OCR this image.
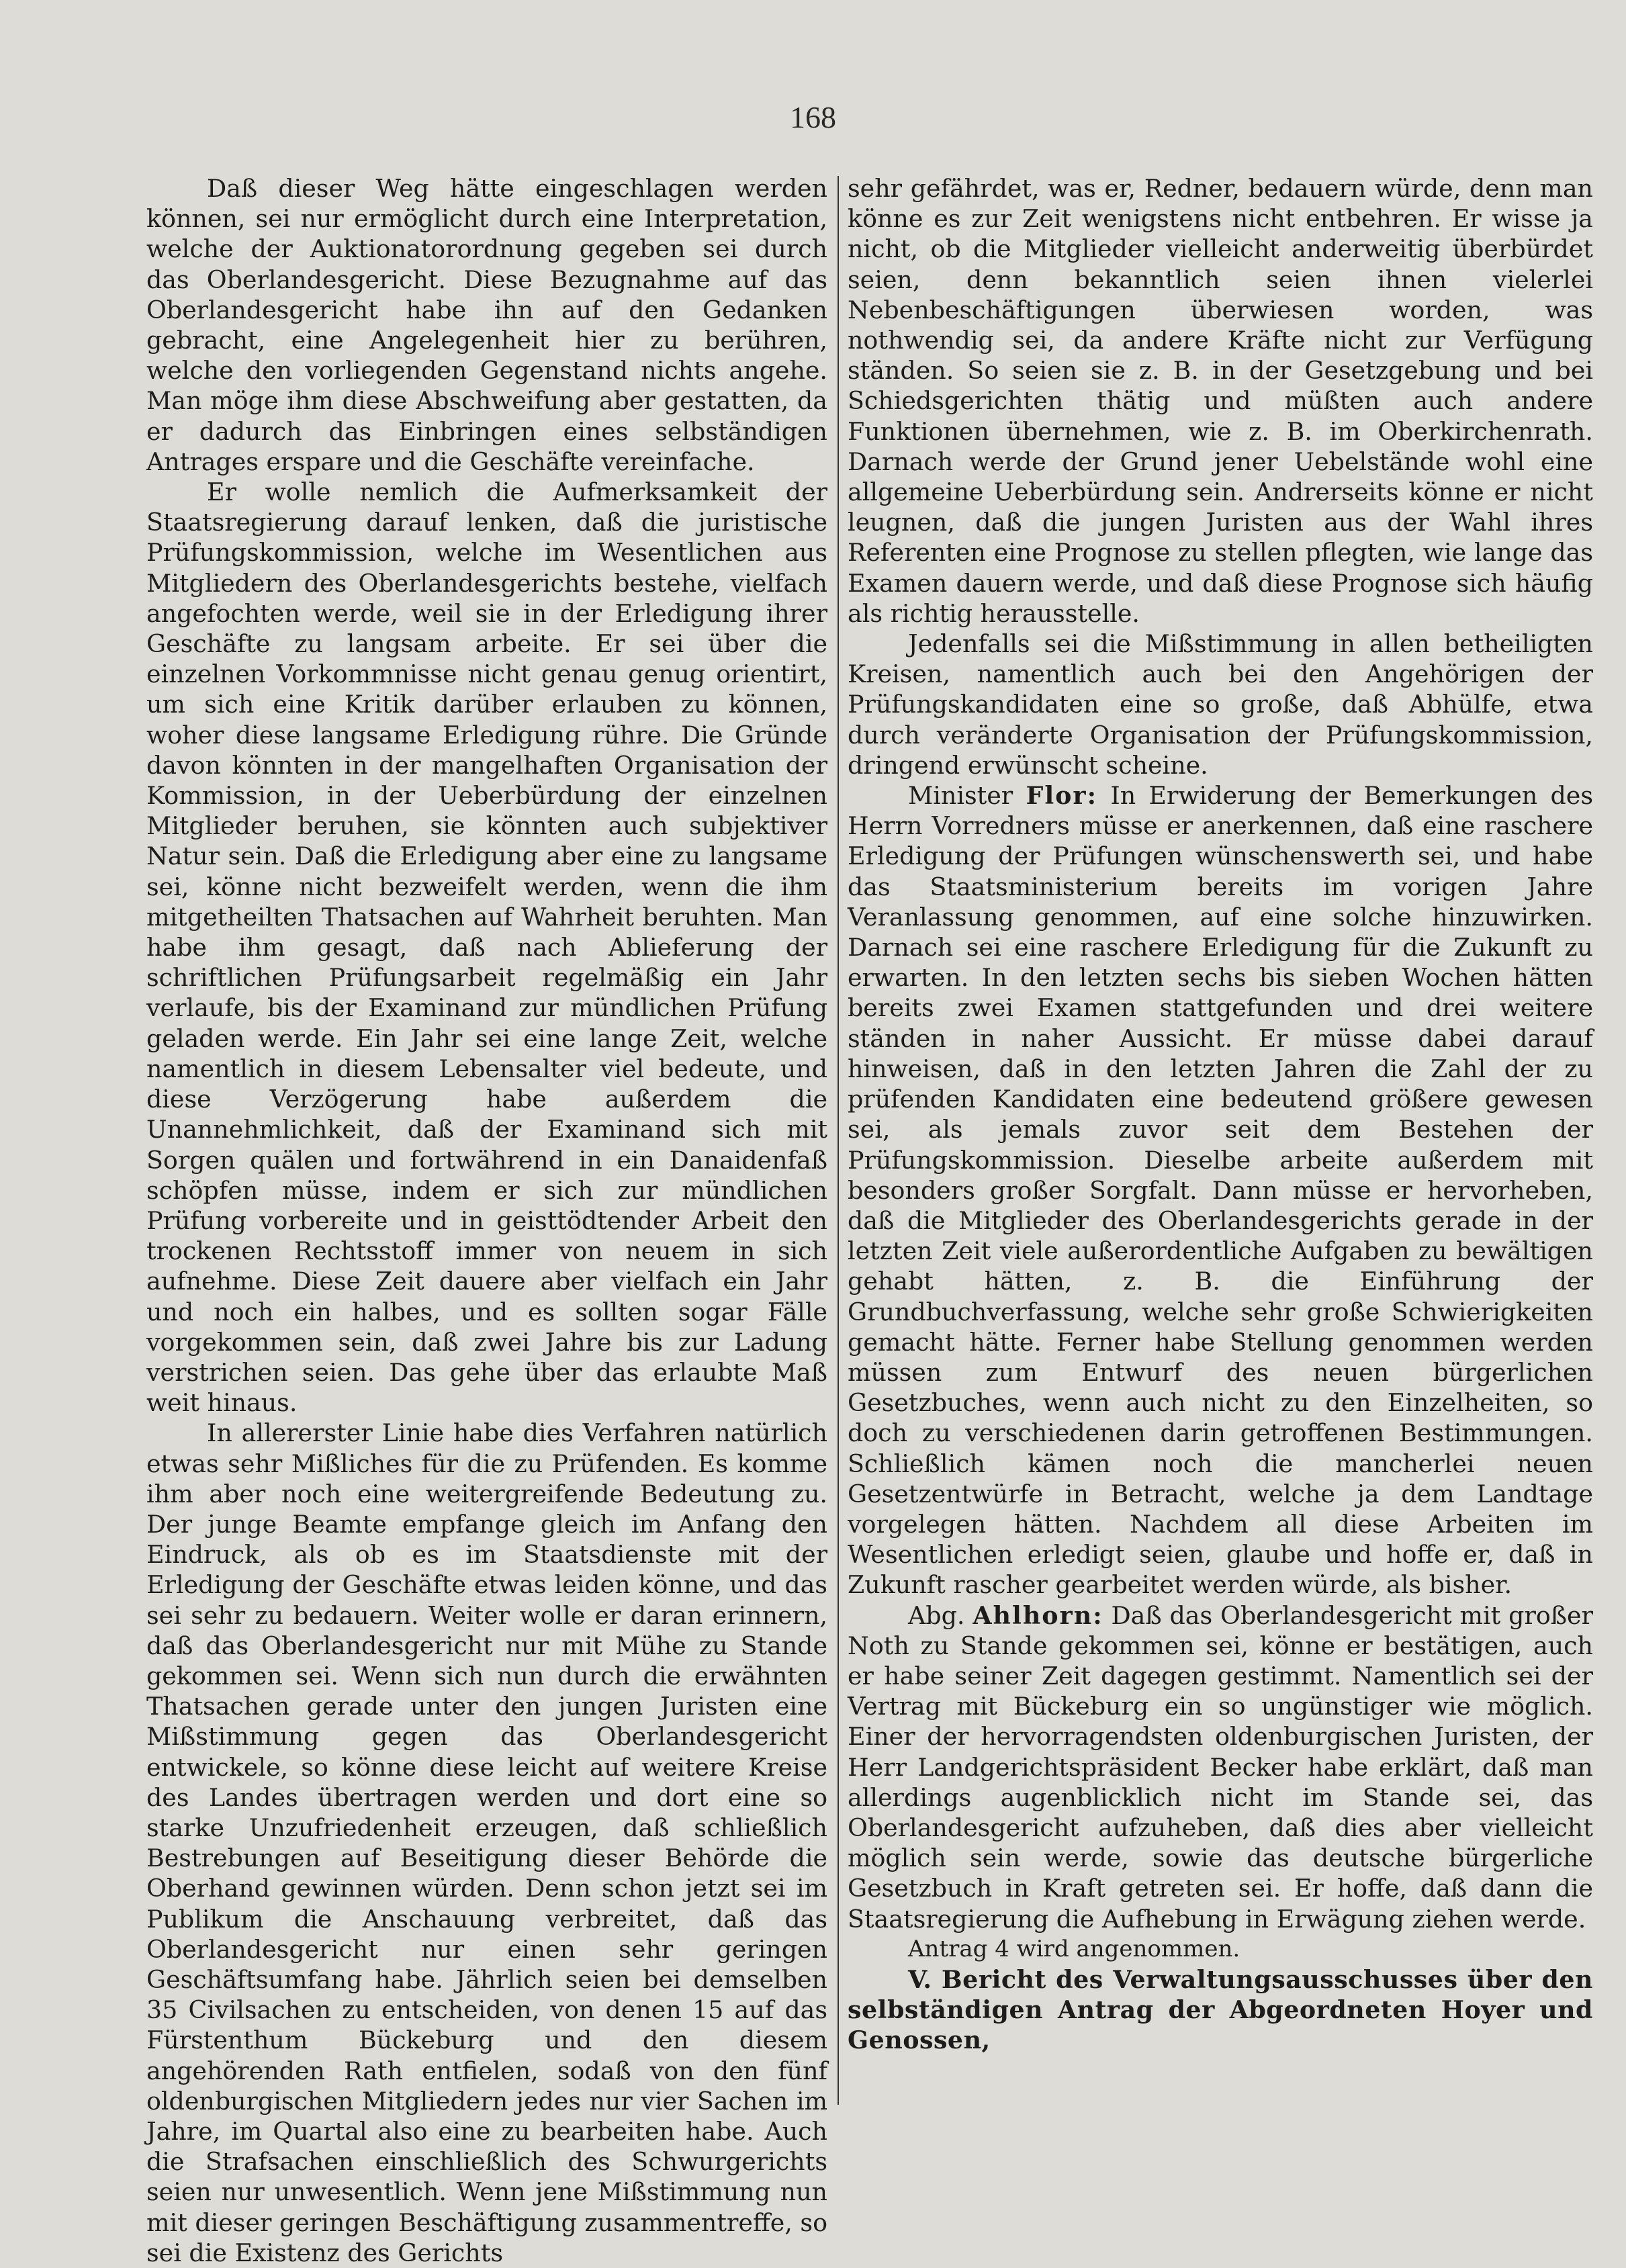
168

Daß dieser Weg hätte eingeschlagen werden können, sei nur ermöglicht durch eine Interpretation, welche der Auktionatorordnung gegeben sei durch das Oberlandesgericht. Diese Bezugnahme auf das Oberlandesgericht habe ihn auf den Gedanken gebracht, eine Angelegenheit hier zu berühren, welche den vorliegenden Gegenstand nichts angehe. Man möge ihm diese Abschweifung aber gestatten, da er dadurch das Einbringen eines selbständigen Antrages erspare und die Geschäfte vereinfache.

Er wolle nemlich die Aufmerksamkeit der Staatsregierung darauf lenken, daß die juristische Prüfungskommission, welche im Wesentlichen aus Mitgliedern des Oberlandesgerichts bestehe, vielfach angefochten werde, weil sie in der Erledigung ihrer Geschäfte zu langsam arbeite. Er sei über die einzelnen Vorkommnisse nicht genau genug orientirt, um sich eine Kritik darüber erlauben zu können, woher diese langsame Erledigung rühre. Die Gründe davon könnten in der mangelhaften Organisation der Kommission, in der Ueberbürdung der einzelnen Mitglieder beruhen, sie könnten auch subjektiver Natur sein. Daß die Erledigung aber eine zu langsame sei, könne nicht bezweifelt werden, wenn die ihm mitgetheilten Thatsachen auf Wahrheit beruhten. Man habe ihm gesagt, daß nach Ablieferung der schriftlichen Prüfungsarbeit regelmäßig ein Jahr verlaufe, bis der Examinand zur mündlichen Prüfung geladen werde. Ein Jahr sei eine lange Zeit, welche namentlich in diesem Lebensalter viel bedeute, und diese Verzögerung habe außerdem die Unannehmlichkeit, daß der Examinand sich mit Sorgen quälen und fortwährend in ein Danaidenfaß schöpfen müsse, indem er sich zur mündlichen Prüfung vorbereite und in geisttödtender Arbeit den trockenen Rechtsstoff immer von neuem in sich aufnehme. Diese Zeit dauere aber vielfach ein Jahr und noch ein halbes, und es sollten sogar Fälle vorgekommen sein, daß zwei Jahre bis zur Ladung verstrichen seien. Das gehe über das erlaubte Maß weit hinaus.

In allererster Linie habe dies Verfahren natürlich etwas sehr Mißliches für die zu Prüfenden. Es komme ihm aber noch eine weitergreifende Bedeutung zu. Der junge Beamte empfange gleich im Anfang den Eindruck, als ob es im Staatsdienste mit der Erledigung der Geschäfte etwas leiden könne, und das sei sehr zu bedauern. Weiter wolle er daran erinnern, daß das Oberlandesgericht nur mit Mühe zu Stande gekommen sei. Wenn sich nun durch die erwähnten Thatsachen gerade unter den jungen Juristen eine Mißstimmung gegen das Oberlandesgericht entwickele, so könne diese leicht auf weitere Kreise des Landes übertragen werden und dort eine so starke Unzufriedenheit erzeugen, daß schließlich Bestrebungen auf Beseitigung dieser Behörde die Oberhand gewinnen würden. Denn schon jetzt sei im Publikum die Anschauung verbreitet, daß das Oberlandesgericht nur einen sehr geringen Geschäftsumfang habe. Jährlich seien bei demselben 35 Civilsachen zu entscheiden, von denen 15 auf das Fürstenthum Bückeburg und den diesem angehörenden Rath entfielen, sodaß von den fünf oldenburgischen Mitgliedern jedes nur vier Sachen im Jahre, im Quartal also eine zu bearbeiten habe. Auch die Strafsachen einschließlich des Schwurgerichts seien nur unwesentlich. Wenn jene Mißstimmung nun mit dieser geringen Beschäftigung zusammentreffe, so sei die Existenz des Gerichts

sehr gefährdet, was er, Redner, bedauern würde, denn man könne es zur Zeit wenigstens nicht entbehren. Er wisse ja nicht, ob die Mitglieder vielleicht anderweitig überbürdet seien, denn bekanntlich seien ihnen vielerlei Nebenbeschäftigungen überwiesen worden, was nothwendig sei, da andere Kräfte nicht zur Verfügung ständen. So seien sie z. B. in der Gesetzgebung und bei Schiedsgerichten thätig und müßten auch andere Funktionen übernehmen, wie z. B. im Oberkirchenrath. Darnach werde der Grund jener Uebelstände wohl eine allgemeine Ueberbürdung sein. Andrerseits könne er nicht leugnen, daß die jungen Juristen aus der Wahl ihres Referenten eine Prognose zu stellen pflegten, wie lange das Examen dauern werde, und daß diese Prognose sich häufig als richtig herausstelle.

Jedenfalls sei die Mißstimmung in allen betheiligten Kreisen, namentlich auch bei den Angehörigen der Prüfungskandidaten eine so große, daß Abhülfe, etwa durch veränderte Organisation der Prüfungskommission, dringend erwünscht scheine.

Minister Flor: In Erwiderung der Bemerkungen des Herrn Vorredners müsse er anerkennen, daß eine raschere Erledigung der Prüfungen wünschenswerth sei, und habe das Staatsministerium bereits im vorigen Jahre Veranlassung genommen, auf eine solche hinzuwirken. Darnach sei eine raschere Erledigung für die Zukunft zu erwarten. In den letzten sechs bis sieben Wochen hätten bereits zwei Examen stattgefunden und drei weitere ständen in naher Aussicht. Er müsse dabei darauf hinweisen, daß in den letzten Jahren die Zahl der zu prüfenden Kandidaten eine bedeutend größere gewesen sei, als jemals zuvor seit dem Bestehen der Prüfungskommission. Dieselbe arbeite außerdem mit besonders großer Sorgfalt. Dann müsse er hervorheben, daß die Mitglieder des Oberlandesgerichts gerade in der letzten Zeit viele außerordentliche Aufgaben zu bewältigen gehabt hätten, z. B. die Einführung der Grundbuchverfassung, welche sehr große Schwierigkeiten gemacht hätte. Ferner habe Stellung genommen werden müssen zum Entwurf des neuen bürgerlichen Gesetzbuches, wenn auch nicht zu den Einzelheiten, so doch zu verschiedenen darin getroffenen Bestimmungen. Schließlich kämen noch die mancherlei neuen Gesetzentwürfe in Betracht, welche ja dem Landtage vorgelegen hätten. Nachdem all diese Arbeiten im Wesentlichen erledigt seien, glaube und hoffe er, daß in Zukunft rascher gearbeitet werden würde, als bisher.

Abg. Ahlhorn: Daß das Oberlandesgericht mit großer Noth zu Stande gekommen sei, könne er bestätigen, auch er habe seiner Zeit dagegen gestimmt. Namentlich sei der Vertrag mit Bückeburg ein so ungünstiger wie möglich. Einer der hervorragendsten oldenburgischen Juristen, der Herr Landgerichtspräsident Becker habe erklärt, daß man allerdings augenblicklich nicht im Stande sei, das Oberlandesgericht aufzuheben, daß dies aber vielleicht möglich sein werde, sowie das deutsche bürgerliche Gesetzbuch in Kraft getreten sei. Er hoffe, daß dann die Staatsregierung die Aufhebung in Erwägung ziehen werde.

Antrag 4 wird angenommen.

V. Bericht des Verwaltungsausschusses über den selbständigen Antrag der Abgeordneten Hoyer und Genossen,
